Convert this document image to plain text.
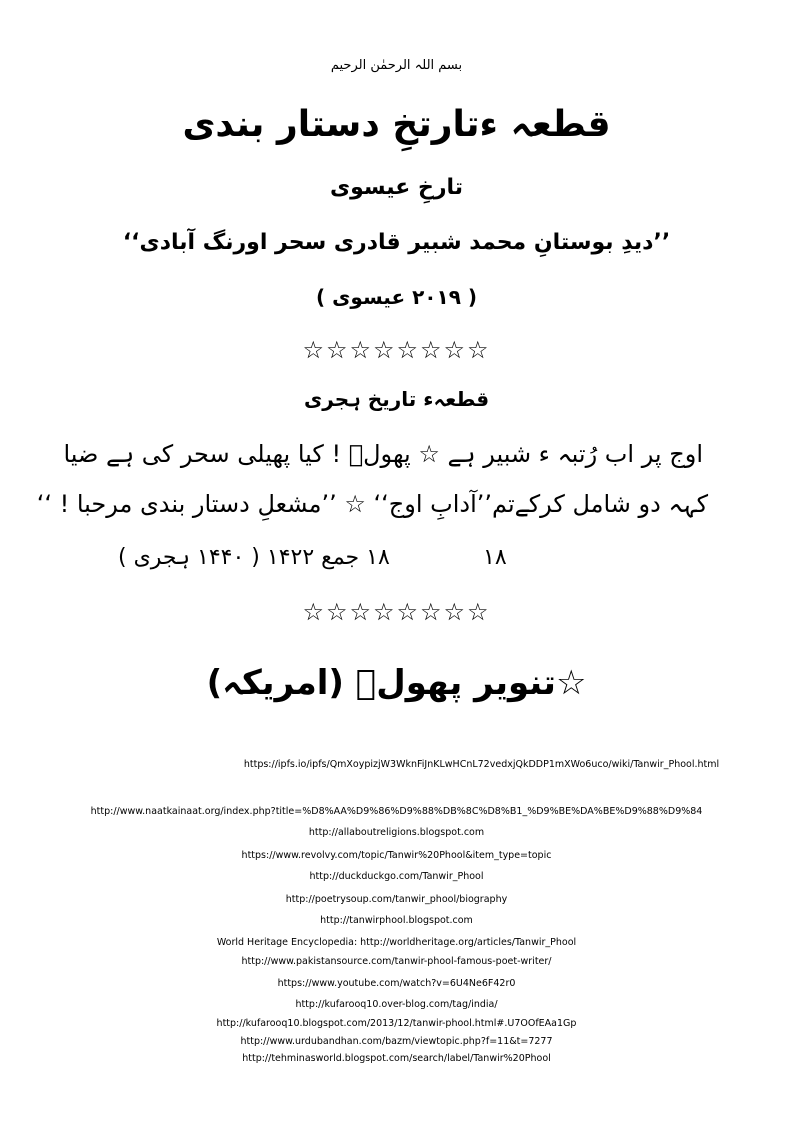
بسم اللہ الرحمٰن الرحیم
قطعہ ءتارتخِ دستار بندی
تارخِ عیسوی
’’دیدِ بوستانِ محمد شبیر قادری سحر اورنگ آبادی‘‘
( ۲۰۱۹ عیسوی )
☆☆☆☆☆☆☆☆
قطعہء تاریخ ہجری
اوج پر اب رُتبہ ء شبیر ہے ☆ پھولؔ ! کیا پھیلی سحر کی ہے ضیا
کہہ دو شامل کرکےتم’’آدابِ اوج‘‘ ☆ ’’مشعلِ دستار بندی مرحبا ! ‘‘
۱۸ جمع ۱۴۲۲ ( ۱۴۴۰ ہجری )	۱۸
☆☆☆☆☆☆☆☆
☆تنویر پھولؔ (امریکہ)
https://ipfs.io/ipfs/QmXoypizjW3WknFiJnKLwHCnL72vedxjQkDDP1mXWo6uco/wiki/Tanwir_Phool.html
http://www.naatkainaat.org/index.php?title=%D8%AA%D9%86%D9%88%DB%8C%D8%B1_%D9%BE%DA%BE%D9%88%D9%84
http://allaboutreligions.blogspot.com
https://www.revolvy.com/topic/Tanwir%20Phool&item_type=topic
http://duckduckgo.com/Tanwir_Phool
http://poetrysoup.com/tanwir_phool/biography
http://tanwirphool.blogspot.com
World Heritage Encyclopedia: http://worldheritage.org/articles/Tanwir_Phool
http://www.pakistansource.com/tanwir-phool-famous-poet-writer/
https://www.youtube.com/watch?v=6U4Ne6F42r0
http://kufarooq10.over-blog.com/tag/india/
http://kufarooq10.blogspot.com/2013/12/tanwir-phool.html#.U7OOfEAa1Gp
http://www.urdubandhan.com/bazm/viewtopic.php?f=11&t=7277
http://tehminasworld.blogspot.com/search/label/Tanwir%20Phool
